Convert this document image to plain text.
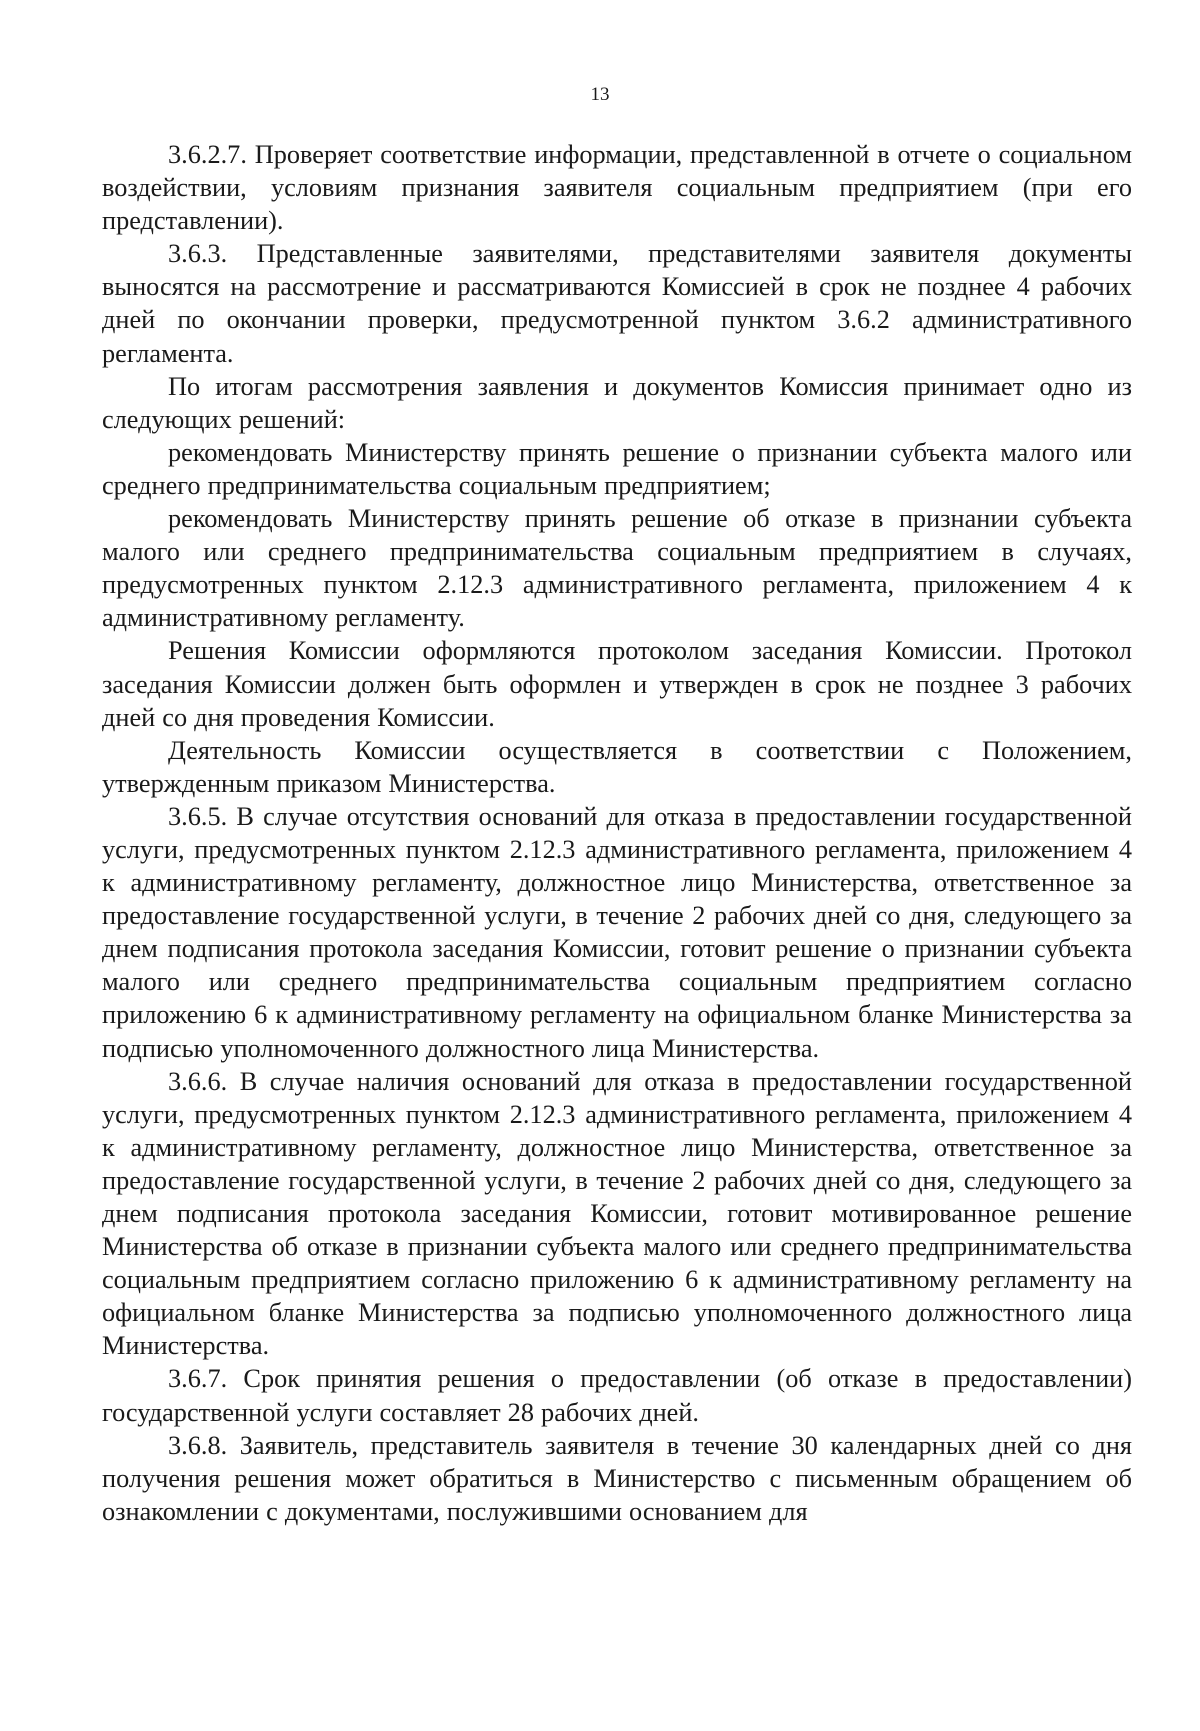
13

3.6.2.7. Проверяет соответствие информации, представленной в отчете о социальном воздействии, условиям признания заявителя социальным предприятием (при его представлении).

3.6.3. Представленные заявителями, представителями заявителя документы выносятся на рассмотрение и рассматриваются Комиссией в срок не позднее 4 рабочих дней по окончании проверки, предусмотренной пунктом 3.6.2 административного регламента.

По итогам рассмотрения заявления и документов Комиссия принимает одно из следующих решений:

рекомендовать Министерству принять решение о признании субъекта малого или среднего предпринимательства социальным предприятием;

рекомендовать Министерству принять решение об отказе в признании субъекта малого или среднего предпринимательства социальным предприятием в случаях, предусмотренных пунктом 2.12.3 административного регламента, приложением 4 к административному регламенту.

Решения Комиссии оформляются протоколом заседания Комиссии. Протокол заседания Комиссии должен быть оформлен и утвержден в срок не позднее 3 рабочих дней со дня проведения Комиссии.

Деятельность Комиссии осуществляется в соответствии с Положением, утвержденным приказом Министерства.

3.6.5. В случае отсутствия оснований для отказа в предоставлении государственной услуги, предусмотренных пунктом 2.12.3 административного регламента, приложением 4 к административному регламенту, должностное лицо Министерства, ответственное за предоставление государственной услуги, в течение 2 рабочих дней со дня, следующего за днем подписания протокола заседания Комиссии, готовит решение о признании субъекта малого или среднего предпринимательства социальным предприятием согласно приложению 6 к административному регламенту на официальном бланке Министерства за подписью уполномоченного должностного лица Министерства.

3.6.6. В случае наличия оснований для отказа в предоставлении государственной услуги, предусмотренных пунктом 2.12.3 административного регламента, приложением 4 к административному регламенту, должностное лицо Министерства, ответственное за предоставление государственной услуги, в течение 2 рабочих дней со дня, следующего за днем подписания протокола заседания Комиссии, готовит мотивированное решение Министерства об отказе в признании субъекта малого или среднего предпринимательства социальным предприятием согласно приложению 6 к административному регламенту на официальном бланке Министерства за подписью уполномоченного должностного лица Министерства.

3.6.7. Срок принятия решения о предоставлении (об отказе в предоставлении) государственной услуги составляет 28 рабочих дней.

3.6.8. Заявитель, представитель заявителя в течение 30 календарных дней со дня получения решения может обратиться в Министерство с письменным обращением об ознакомлении с документами, послужившими основанием для
